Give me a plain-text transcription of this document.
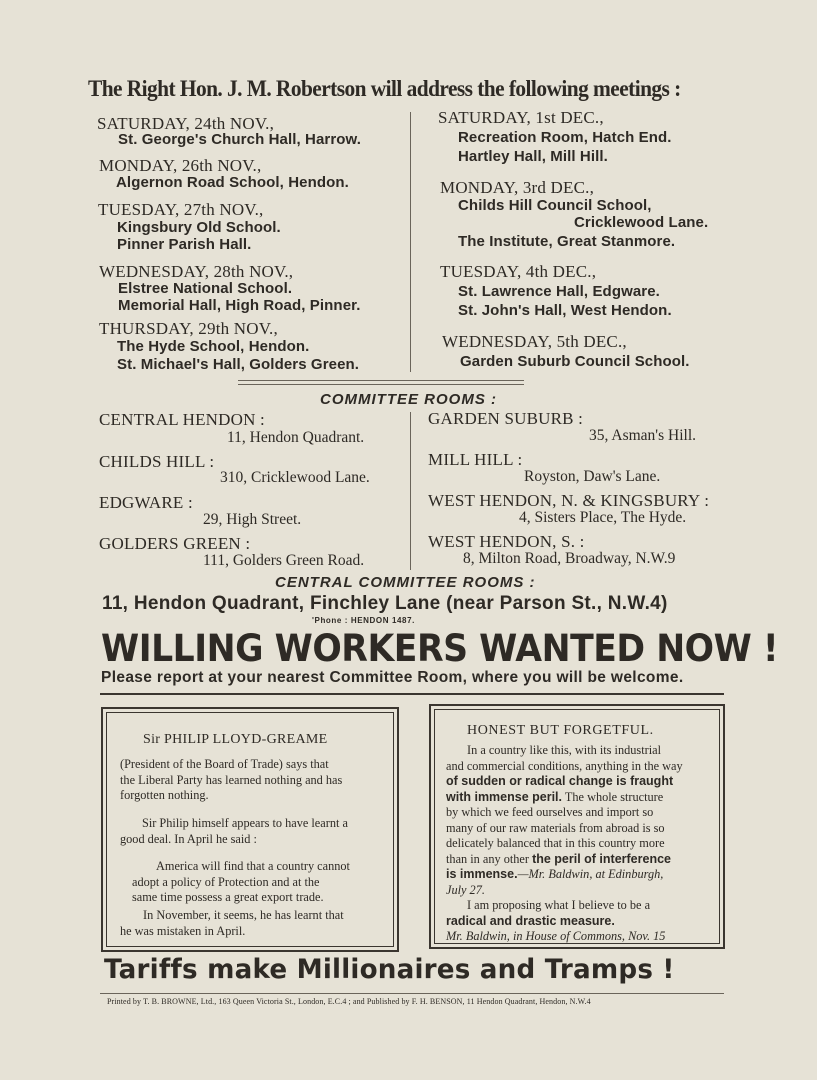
The Right Hon. J. M. Robertson will address the following meetings :
SATURDAY, 24th NOV.,
St. George's Church Hall, Harrow.
MONDAY, 26th NOV.,
Algernon Road School, Hendon.
TUESDAY, 27th NOV.,
Kingsbury Old School.
Pinner Parish Hall.
WEDNESDAY, 28th NOV.,
Elstree National School.
Memorial Hall, High Road, Pinner.
THURSDAY, 29th NOV.,
The Hyde School, Hendon.
St. Michael's Hall, Golders Green.
SATURDAY, 1st DEC.,
Recreation Room, Hatch End.
Hartley Hall, Mill Hill.
MONDAY, 3rd DEC.,
Childs Hill Council School,
Cricklewood Lane.
The Institute, Great Stanmore.
TUESDAY, 4th DEC.,
St. Lawrence Hall, Edgware.
St. John's Hall, West Hendon.
WEDNESDAY, 5th DEC.,
Garden Suburb Council School.
COMMITTEE ROOMS :
CENTRAL HENDON :
11, Hendon Quadrant.
CHILDS HILL :
310, Cricklewood Lane.
EDGWARE :
29, High Street.
GOLDERS GREEN :
111, Golders Green Road.
GARDEN SUBURB :
35, Asman's Hill.
MILL HILL :
Royston, Daw's Lane.
WEST HENDON, N. & KINGSBURY :
4, Sisters Place, The Hyde.
WEST HENDON, S. :
8, Milton Road, Broadway, N.W.9
CENTRAL COMMITTEE ROOMS :
11, Hendon Quadrant, Finchley Lane (near Parson St., N.W.4)
'Phone : HENDON 1487.
WILLING WORKERS WANTED NOW !
Please report at your nearest Committee Room, where you will be welcome.
Sir PHILIP LLOYD-GREAME

(President of the Board of Trade) says that

the Liberal Party has learned nothing and has

forgotten nothing.

Sir Philip himself appears to have learnt a

good deal. In April he said :

America will find that a country cannot

adopt a policy of Protection and at the

same time possess a great export trade.

In November, it seems, he has learnt that

he was mistaken in April.

HONEST BUT FORGETFUL.

In a country like this, with its industrial

and commercial conditions, anything in the way

of sudden or radical change is fraught

with immense peril. The whole structure

by which we feed ourselves and import so

many of our raw materials from abroad is so

delicately balanced that in this country more

than in any other the peril of interference

is immense.—Mr. Baldwin, at Edinburgh,

July 27.

I am proposing what I believe to be a

radical and drastic measure.

Mr. Baldwin, in House of Commons, Nov. 15

Tariffs make Millionaires and Tramps !
Printed by T. B. BROWNE, Ltd., 163 Queen Victoria St., London, E.C.4 ; and Published by F. H. BENSON, 11 Hendon Quadrant, Hendon, N.W.4
